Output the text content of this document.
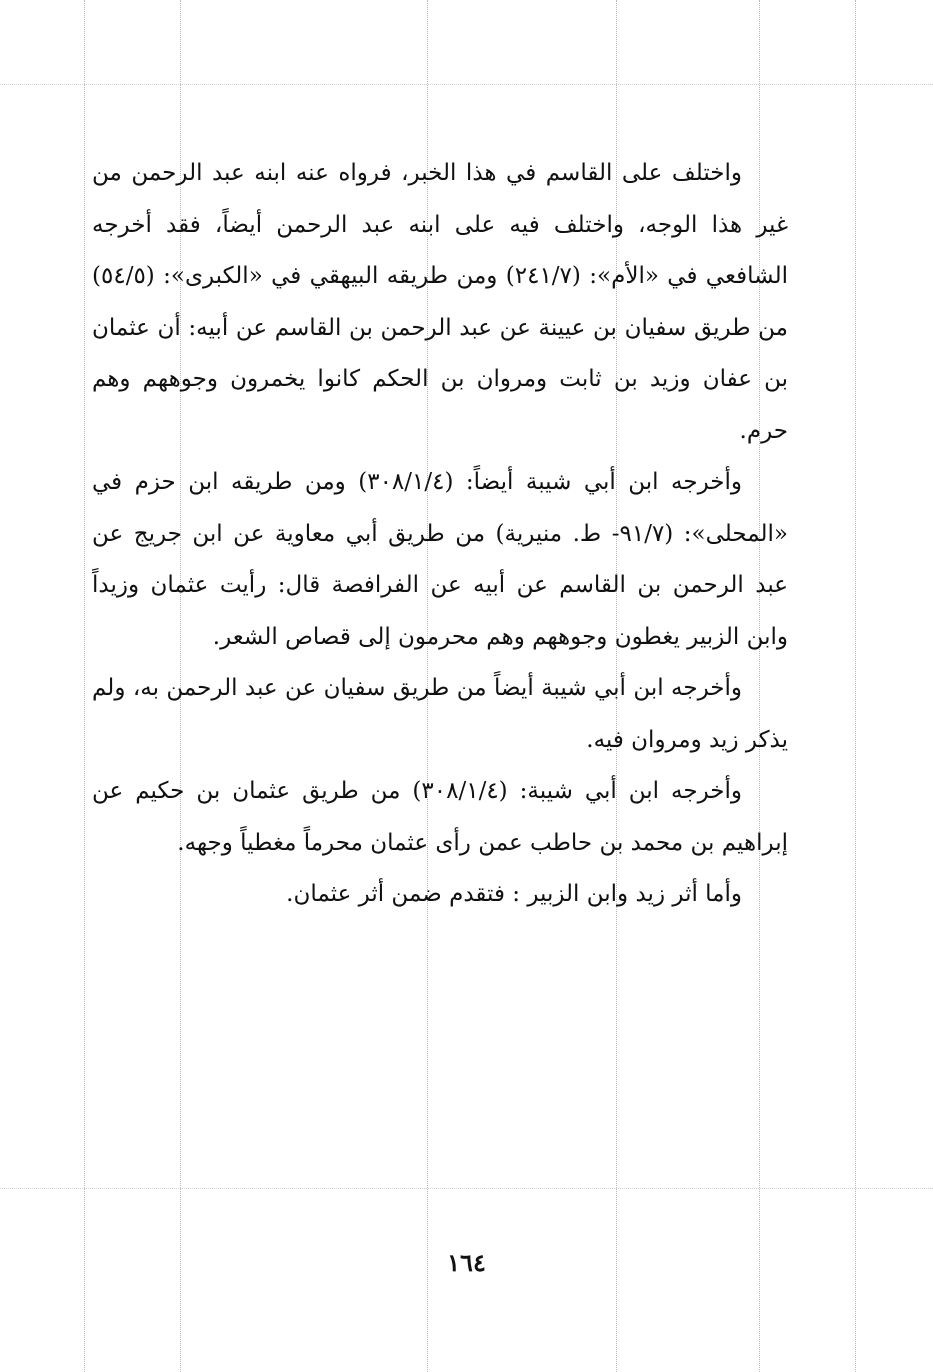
واختلف على القاسم في هذا الخبر، فرواه عنه ابنه عبد الرحمن من غير هذا الوجه، واختلف فيه على ابنه عبد الرحمن أيضاً، فقد أخرجه الشافعي في «الأم»: (٢٤١/٧) ومن طريقه البيهقي في «الكبرى»: (٥٤/٥) من طريق سفيان بن عيينة عن عبد الرحمن بن القاسم عن أبيه: أن عثمان بن عفان وزيد بن ثابت ومروان بن الحكم كانوا يخمرون وجوههم وهم حرم.

وأخرجه ابن أبي شيبة أيضاً: (٣٠٨/١/٤) ومن طريقه ابن حزم في «المحلى»: (٩١/٧- ط. منيرية) من طريق أبي معاوية عن ابن جريج عن عبد الرحمن بن القاسم عن أبيه عن الفرافصة قال: رأيت عثمان وزيداً وابن الزبير يغطون وجوههم وهم محرمون إلى قصاص الشعر.

وأخرجه ابن أبي شيبة أيضاً من طريق سفيان عن عبد الرحمن به، ولم يذكر زيد ومروان فيه.

وأخرجه ابن أبي شيبة: (٣٠٨/١/٤) من طريق عثمان بن حكيم عن إبراهيم بن محمد بن حاطب عمن رأى عثمان محرماً مغطياً وجهه.

وأما أثر زيد وابن الزبير : فتقدم ضمن أثر عثمان.

١٦٤
